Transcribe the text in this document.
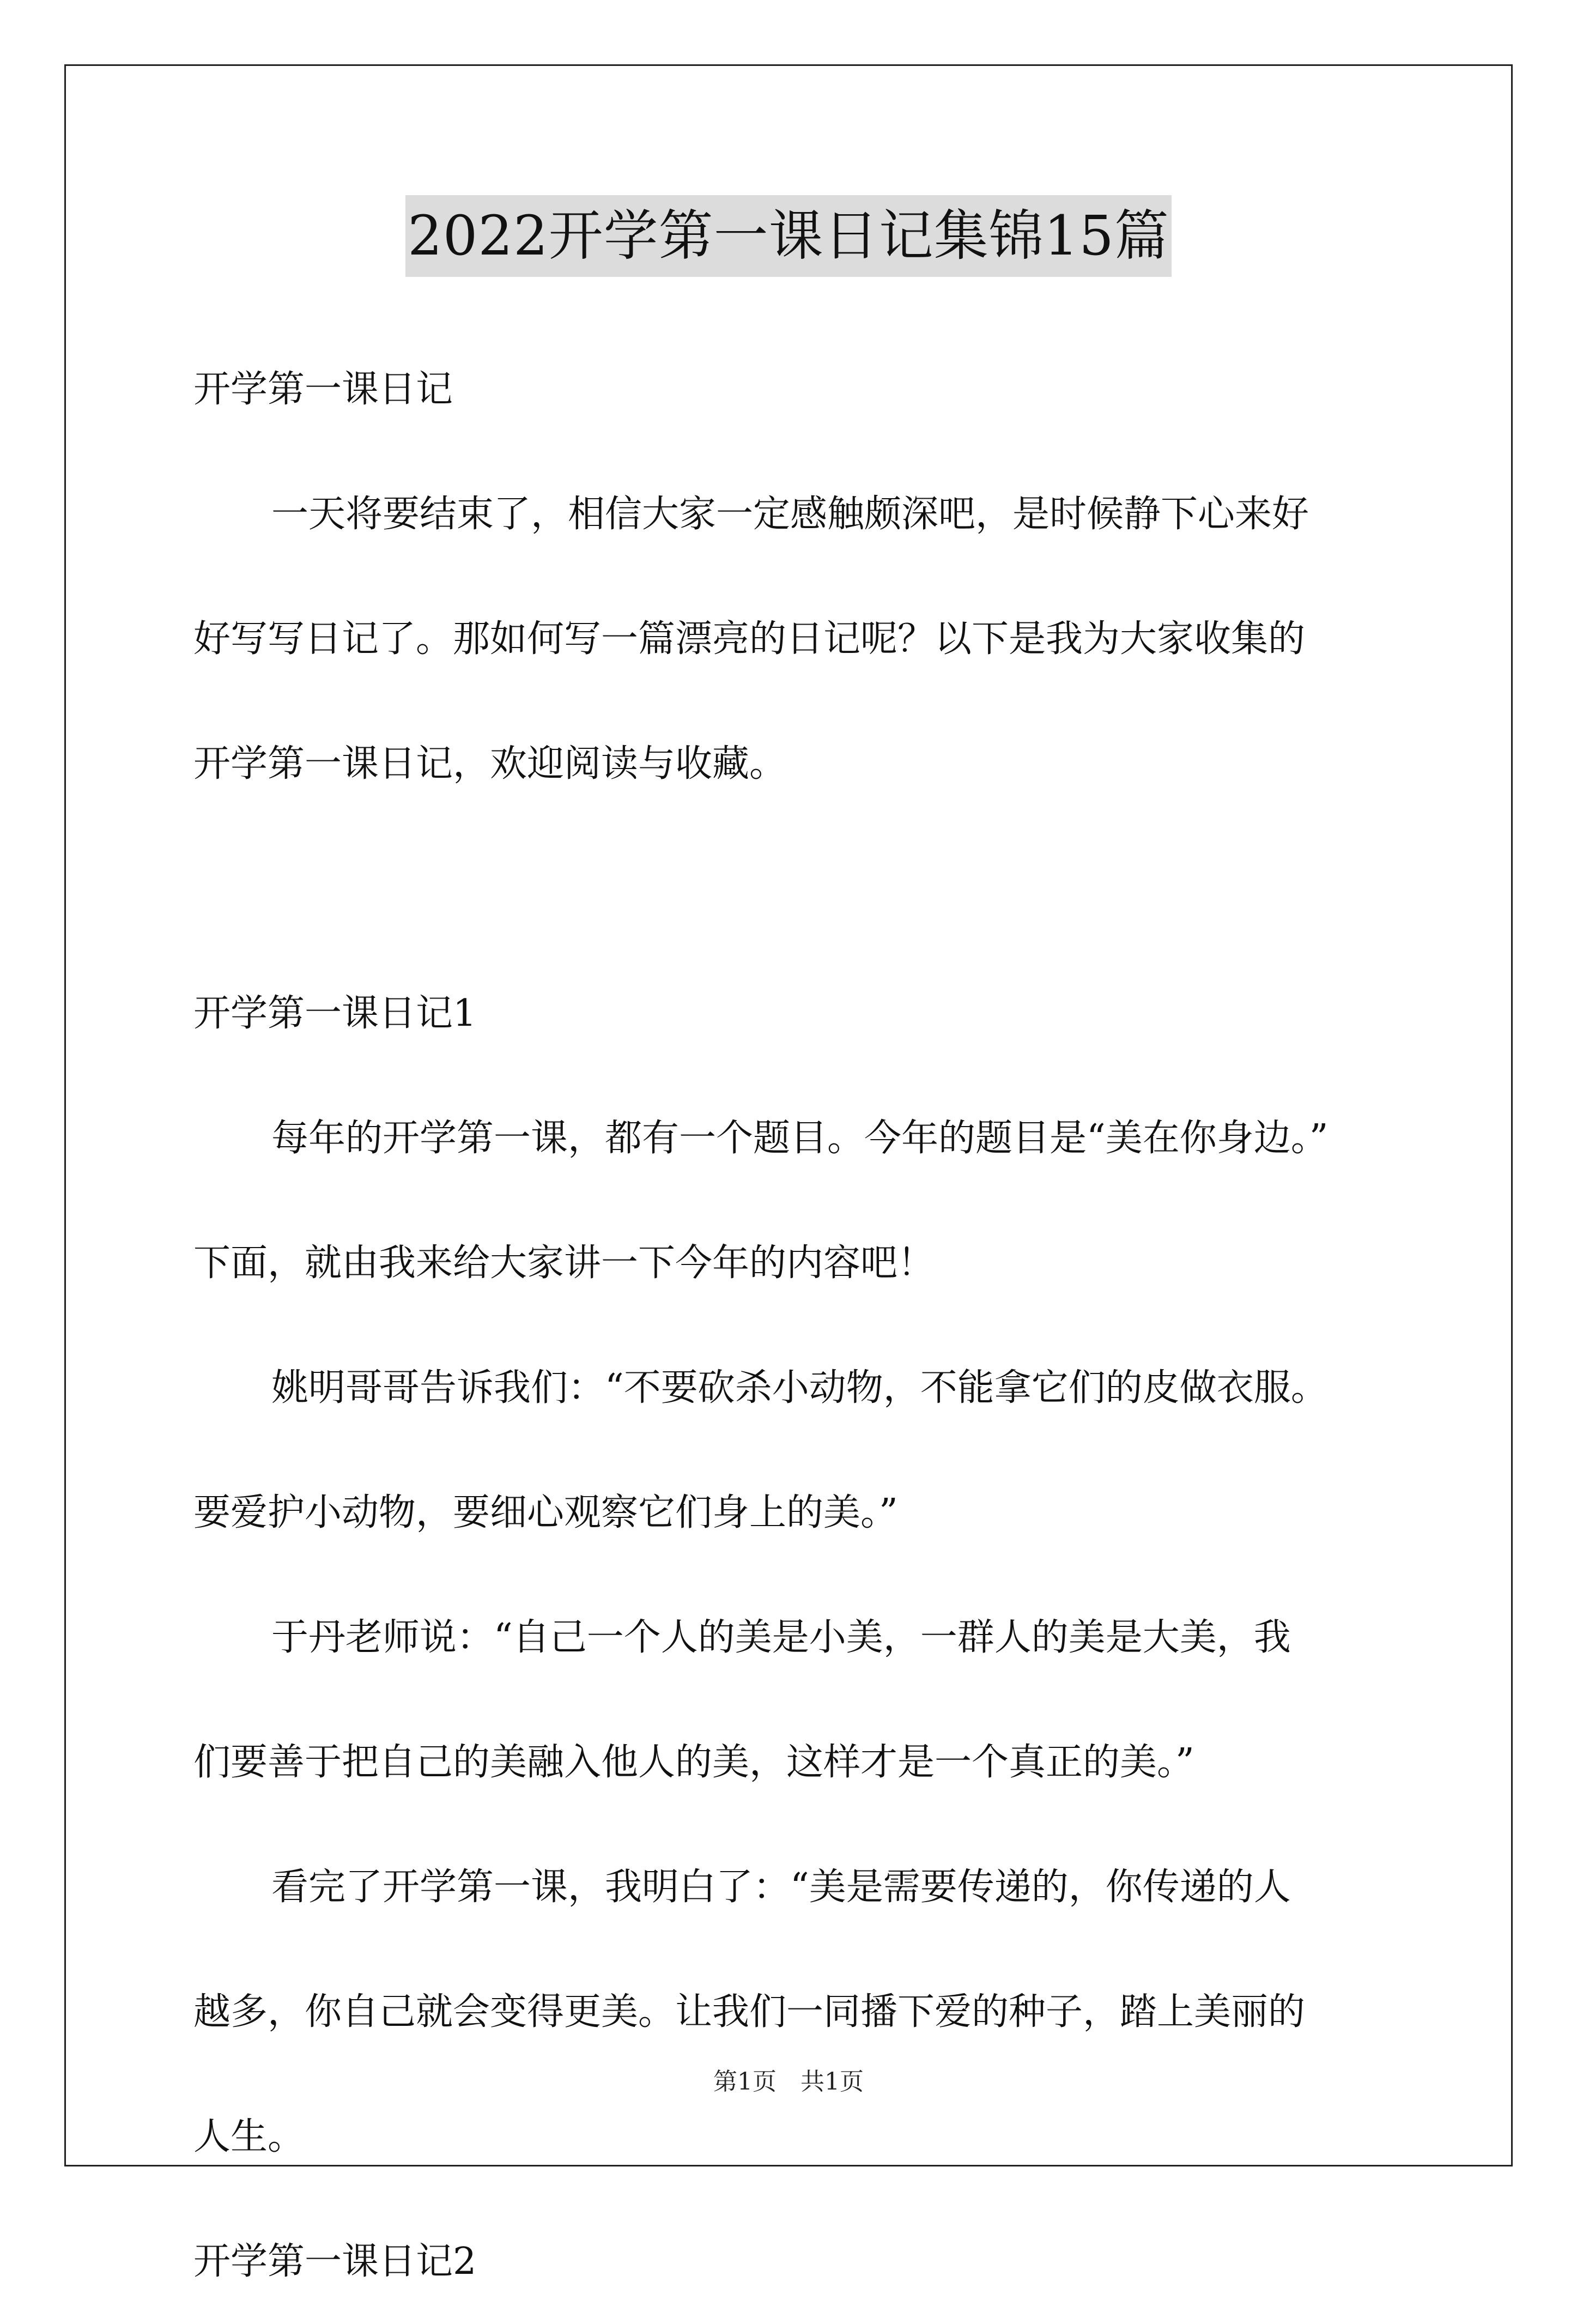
2022开学第一课日记集锦15篇
开学第一课日记
一天将要结束了，相信大家一定感触颇深吧，是时候静下心来好
好写写日记了。那如何写一篇漂亮的日记呢？以下是我为大家收集的
开学第一课日记，欢迎阅读与收藏。
开学第一课日记1
每年的开学第一课，都有一个题目。今年的题目是“美在你身边。”
下面，就由我来给大家讲一下今年的内容吧！
姚明哥哥告诉我们：“不要砍杀小动物，不能拿它们的皮做衣服。
要爱护小动物，要细心观察它们身上的美。”
于丹老师说：“自己一个人的美是小美，一群人的美是大美，我
们要善于把自己的美融入他人的美，这样才是一个真正的美。”
看完了开学第一课，我明白了：“美是需要传递的，你传递的人
越多，你自己就会变得更美。让我们一同播下爱的种子，踏上美丽的
人生。
开学第一课日记2
第1页　共1页
